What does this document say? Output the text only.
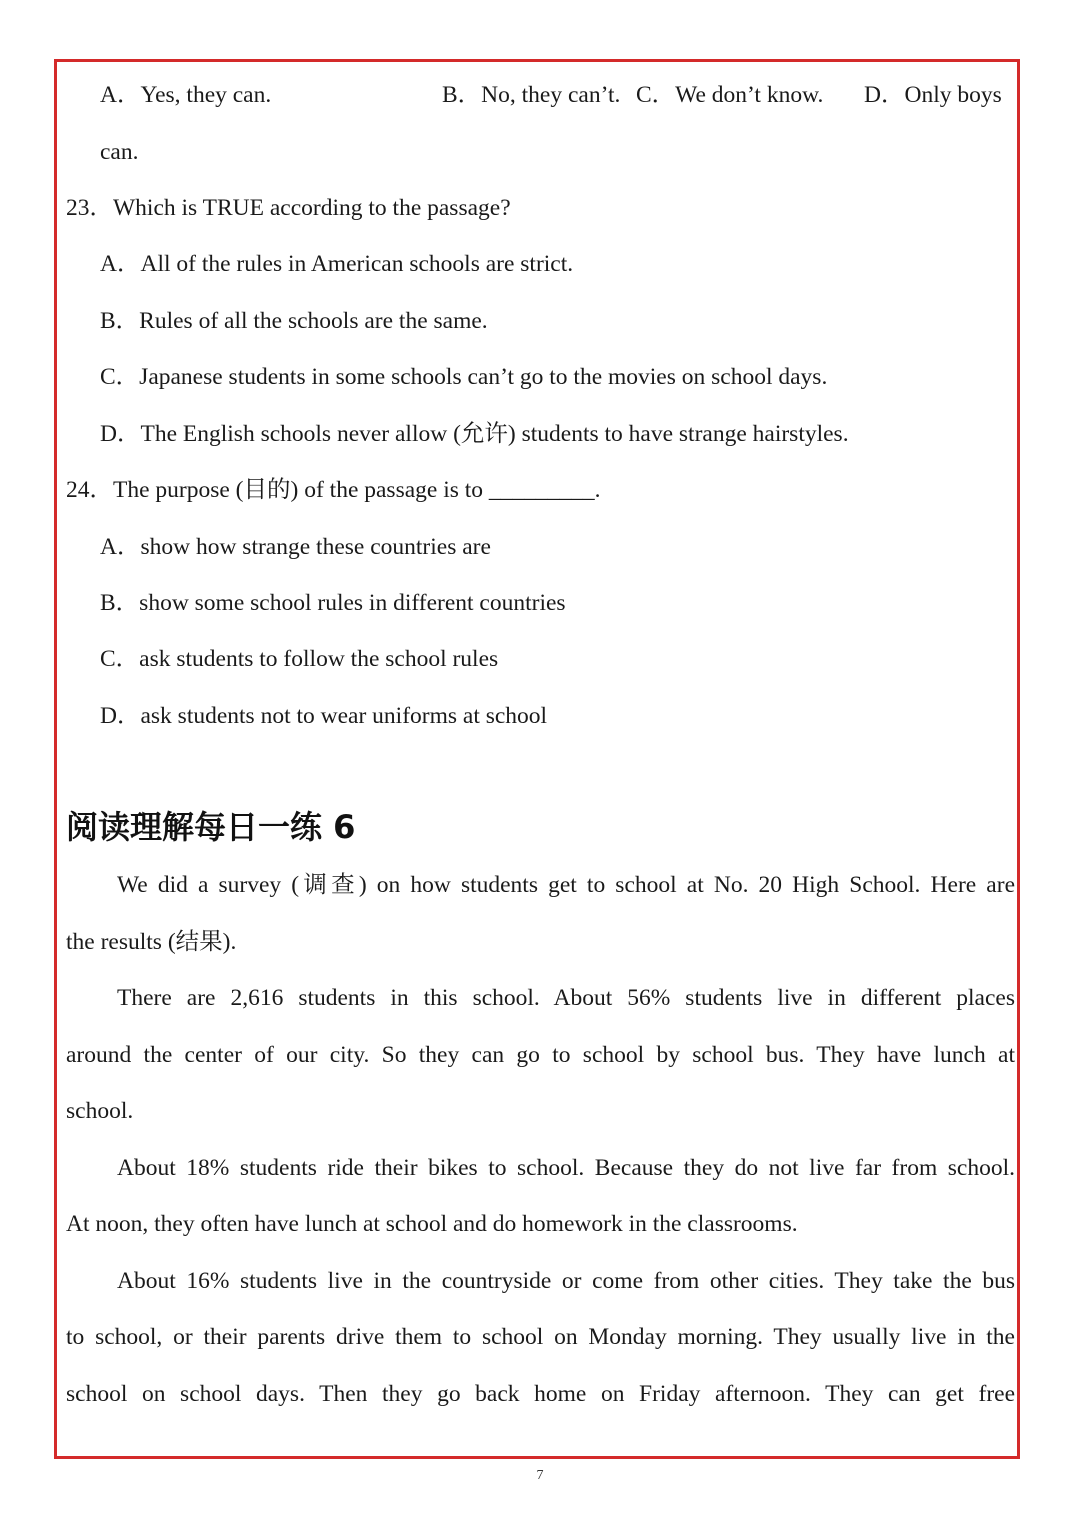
A．Yes, they can.	B．No, they can’t. C．We don’t know. D．Only boys
can.
23．Which is TRUE according to the passage?
A．All of the rules in American schools are strict.
B．Rules of all the schools are the same.
C．Japanese students in some schools can’t go to the movies on school days.
D．The English schools never allow (允许) students to have strange hairstyles.
24．The purpose (目的) of the passage is to _________.
A．show how strange these countries are
B．show some school rules in different countries
C．ask students to follow the school rules
D．ask students not to wear uniforms at school
阅读理解每日一练 6
We did a survey (调查) on how students get to school at No. 20 High School. Here are
the results (结果).
There are 2,616 students in this school. About 56% students live in different places
around the center of our city. So they can go to school by school bus. They have lunch at
school.
About 18% students ride their bikes to school. Because they do not live far from school.
At noon, they often have lunch at school and do homework in the classrooms.
About 16% students live in the countryside or come from other cities. They take the bus
to school, or their parents drive them to school on Monday morning. They usually live in the
school on school days. Then they go back home on Friday afternoon. They can get free
7
